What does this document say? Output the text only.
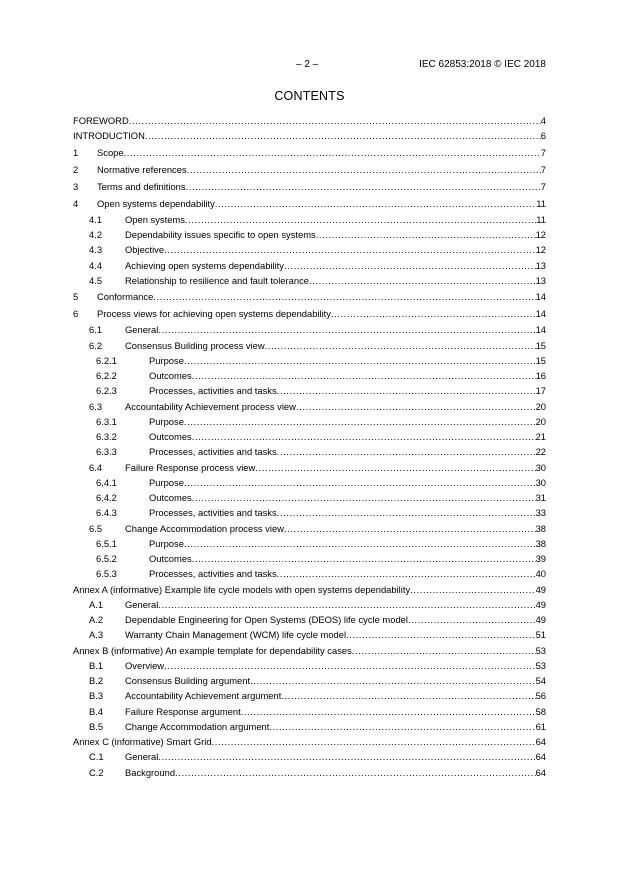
– 2 –	IEC 62853:2018 © IEC 2018
CONTENTS
FOREWORD .....	4
INTRODUCTION .....	6
1	Scope .....	7
2	Normative references .....	7
3	Terms and definitions .....	7
4	Open systems dependability .....	11
4.1	Open systems .....	11
4.2	Dependability issues specific to open systems .....	12
4.3	Objective .....	12
4.4	Achieving open systems dependability .....	13
4.5	Relationship to resilience and fault tolerance .....	13
5	Conformance .....	14
6	Process views for achieving open systems dependability .....	14
6.1	General .....	14
6.2	Consensus Building process view .....	15
6.2.1	Purpose .....	15
6.2.2	Outcomes .....	16
6.2.3	Processes, activities and tasks .....	17
6.3	Accountability Achievement process view .....	20
6.3.1	Purpose .....	20
6.3.2	Outcomes .....	21
6.3.3	Processes, activities and tasks .....	22
6.4	Failure Response process view .....	30
6.4.1	Purpose .....	30
6.4.2	Outcomes .....	31
6.4.3	Processes, activities and tasks .....	33
6.5	Change Accommodation process view .....	38
6.5.1	Purpose .....	38
6.5.2	Outcomes .....	39
6.5.3	Processes, activities and tasks .....	40
Annex A (informative) Example life cycle models with open systems dependability .....	49
A.1	General .....	49
A.2	Dependable Engineering for Open Systems (DEOS) life cycle model .....	49
A.3	Warranty Chain Management (WCM) life cycle model .....	51
Annex B (informative) An example template for dependability cases .....	53
B.1	Overview .....	53
B.2	Consensus Building argument .....	54
B.3	Accountability Achievement argument .....	56
B.4	Failure Response argument .....	58
B.5	Change Accommodation argument .....	61
Annex C (informative) Smart Grid .....	64
C.1	General .....	64
C.2	Background .....	64
